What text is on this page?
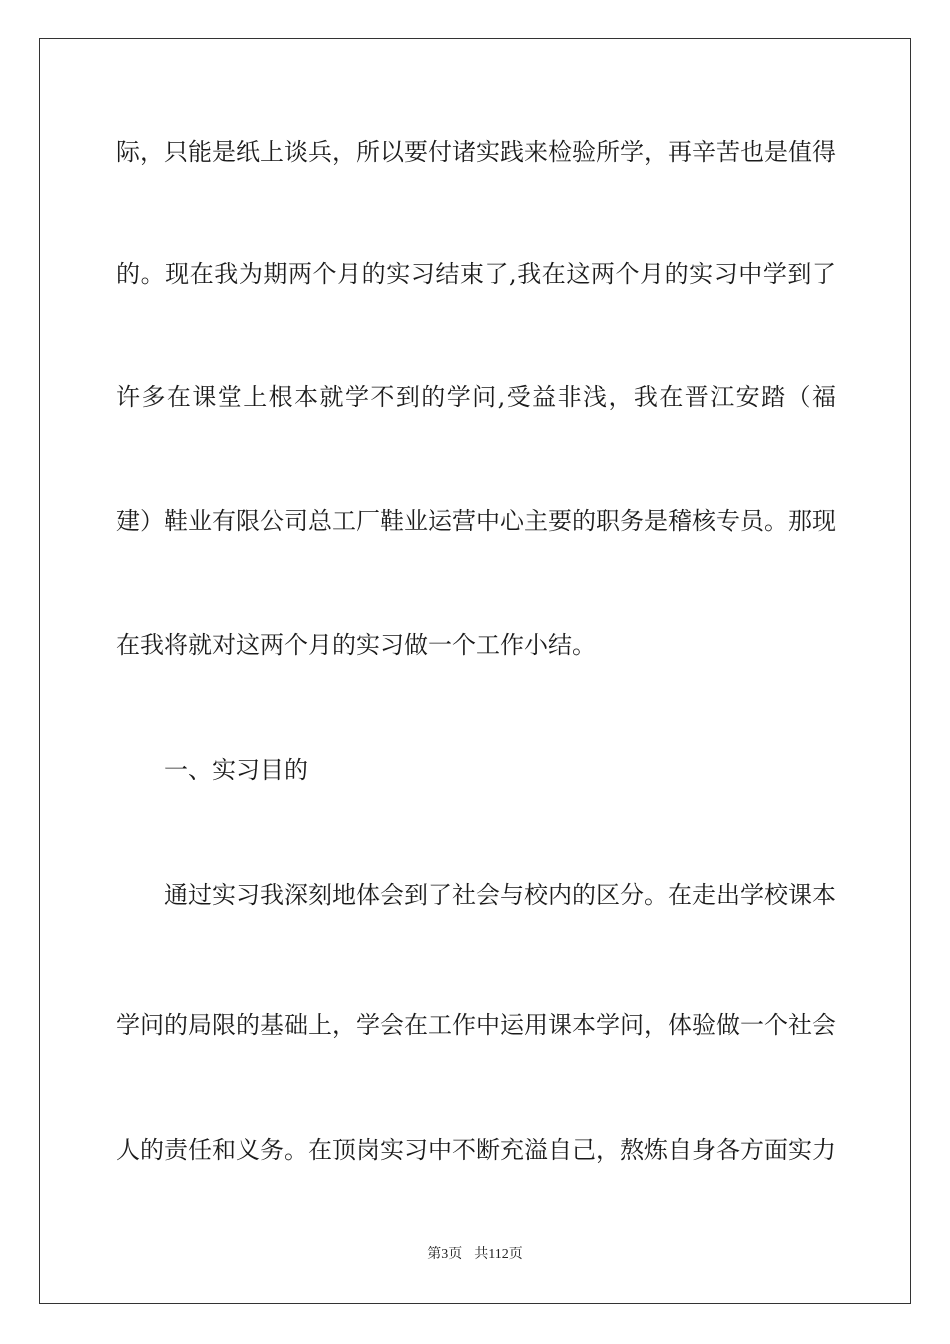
际，只能是纸上谈兵，所以要付诸实践来检验所学，再辛苦也是值得
的。现在我为期两个月的实习结束了,我在这两个月的实习中学到了
许多在课堂上根本就学不到的学问,受益非浅，我在晋江安踏（福
建）鞋业有限公司总工厂鞋业运营中心主要的职务是稽核专员。那现
在我将就对这两个月的实习做一个工作小结。
一、实习目的
通过实习我深刻地体会到了社会与校内的区分。在走出学校课本
学问的局限的基础上，学会在工作中运用课本学问，体验做一个社会
人的责任和义务。在顶岗实习中不断充溢自己，熬炼自身各方面实力
第3页 共112页
